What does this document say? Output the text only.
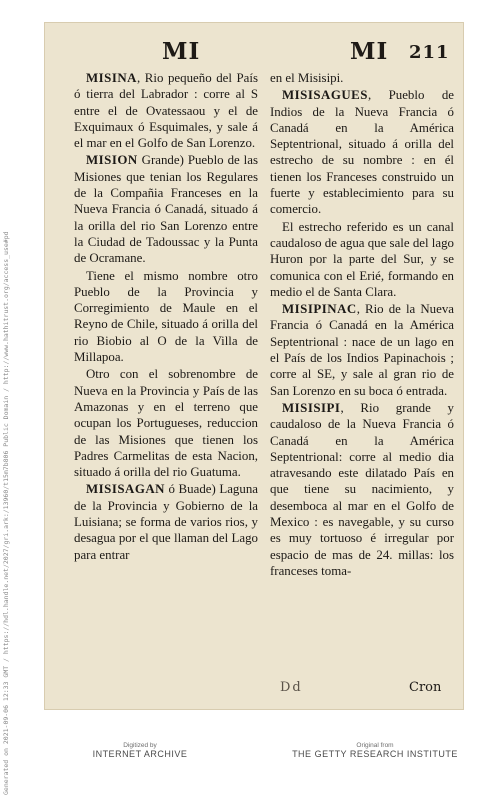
Generated on 2021-09-06 12:33 GMT / https://hdl.handle.net/2027/gri.ark:/13960/t15m7b806 Public Domain / http://www.hathitrust.org/access_use#pd
MI	MI 211

MISINA, Rio pequeño del País ó tierra del Labrador : corre al S entre el de Ovatessaou y el de Exquimaux ó Esquimales, y sale á el mar en el Golfo de San Lorenzo.

MISION Grande) Pueblo de las Misiones que tenian los Regulares de la Compañia Franceses en la Nueva Francia ó Canadá, situado á la orilla del rio San Lorenzo entre la Ciudad de Tadoussac y la Punta de Ocramane.

Tiene el mismo nombre otro Pueblo de la Provincia y Corregimiento de Maule en el Reyno de Chile, situado á orilla del rio Biobio al O de la Villa de Millapoa.

Otro con el sobrenombre de Nueva en la Provincia y País de las Amazonas y en el terreno que ocupan los Portugueses, reduccion de las Misiones que tienen los Padres Carmelitas de esta Nacion, situado á orilla del rio Guatuma.

MISISAGAN ó Buade) Laguna de la Provincia y Gobierno de la Luisiana; se forma de varios rios, y desagua por el que llaman del Lago para entrar

en el Misisipi.

MISISAGUES, Pueblo de Indios de la Nueva Francia ó Canadá en la América Septentrional, situado á orilla del estrecho de su nombre : en él tienen los Franceses construido un fuerte y establecimiento para su comercio.

El estrecho referido es un canal caudaloso de agua que sale del lago Huron por la parte del Sur, y se comunica con el Erié, formando en medio el de Santa Clara.

MISIPINAC, Rio de la Nueva Francia ó Canadá en la América Septentrional : nace de un lago en el País de los Indios Papinachois ; corre al SE, y sale al gran rio de San Lorenzo en su boca ó entrada.

MISISIPI, Rio grande y caudaloso de la Nueva Francia ó Canadá en la América Septentrional: corre al medio dia atravesando este dilatado País en que tiene su nacimiento, y desemboca al mar en el Golfo de Mexico : es navegable, y su curso es muy tortuoso é irregular por espacio de mas de 24. millas: los franceses toma-

Dd	Cron
Digitized by
INTERNET ARCHIVE
Original from
THE GETTY RESEARCH INSTITUTE
